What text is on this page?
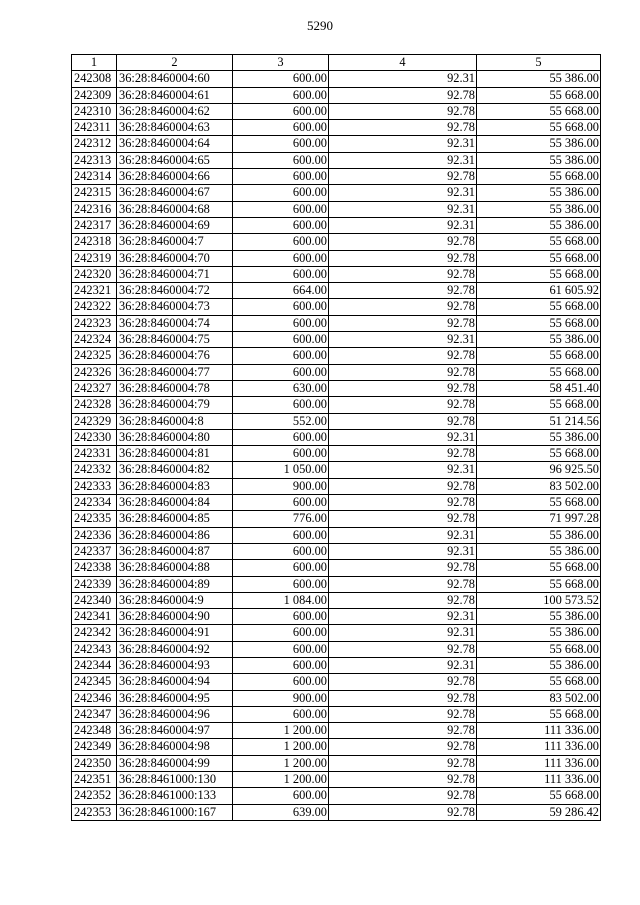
5290
1	2	3	4	5
242308	36:28:8460004:60	600.00	92.31	55 386.00
242309	36:28:8460004:61	600.00	92.78	55 668.00
242310	36:28:8460004:62	600.00	92.78	55 668.00
242311	36:28:8460004:63	600.00	92.78	55 668.00
242312	36:28:8460004:64	600.00	92.31	55 386.00
242313	36:28:8460004:65	600.00	92.31	55 386.00
242314	36:28:8460004:66	600.00	92.78	55 668.00
242315	36:28:8460004:67	600.00	92.31	55 386.00
242316	36:28:8460004:68	600.00	92.31	55 386.00
242317	36:28:8460004:69	600.00	92.31	55 386.00
242318	36:28:8460004:7	600.00	92.78	55 668.00
242319	36:28:8460004:70	600.00	92.78	55 668.00
242320	36:28:8460004:71	600.00	92.78	55 668.00
242321	36:28:8460004:72	664.00	92.78	61 605.92
242322	36:28:8460004:73	600.00	92.78	55 668.00
242323	36:28:8460004:74	600.00	92.78	55 668.00
242324	36:28:8460004:75	600.00	92.31	55 386.00
242325	36:28:8460004:76	600.00	92.78	55 668.00
242326	36:28:8460004:77	600.00	92.78	55 668.00
242327	36:28:8460004:78	630.00	92.78	58 451.40
242328	36:28:8460004:79	600.00	92.78	55 668.00
242329	36:28:8460004:8	552.00	92.78	51 214.56
242330	36:28:8460004:80	600.00	92.31	55 386.00
242331	36:28:8460004:81	600.00	92.78	55 668.00
242332	36:28:8460004:82	1 050.00	92.31	96 925.50
242333	36:28:8460004:83	900.00	92.78	83 502.00
242334	36:28:8460004:84	600.00	92.78	55 668.00
242335	36:28:8460004:85	776.00	92.78	71 997.28
242336	36:28:8460004:86	600.00	92.31	55 386.00
242337	36:28:8460004:87	600.00	92.31	55 386.00
242338	36:28:8460004:88	600.00	92.78	55 668.00
242339	36:28:8460004:89	600.00	92.78	55 668.00
242340	36:28:8460004:9	1 084.00	92.78	100 573.52
242341	36:28:8460004:90	600.00	92.31	55 386.00
242342	36:28:8460004:91	600.00	92.31	55 386.00
242343	36:28:8460004:92	600.00	92.78	55 668.00
242344	36:28:8460004:93	600.00	92.31	55 386.00
242345	36:28:8460004:94	600.00	92.78	55 668.00
242346	36:28:8460004:95	900.00	92.78	83 502.00
242347	36:28:8460004:96	600.00	92.78	55 668.00
242348	36:28:8460004:97	1 200.00	92.78	111 336.00
242349	36:28:8460004:98	1 200.00	92.78	111 336.00
242350	36:28:8460004:99	1 200.00	92.78	111 336.00
242351	36:28:8461000:130	1 200.00	92.78	111 336.00
242352	36:28:8461000:133	600.00	92.78	55 668.00
242353	36:28:8461000:167	639.00	92.78	59 286.42
